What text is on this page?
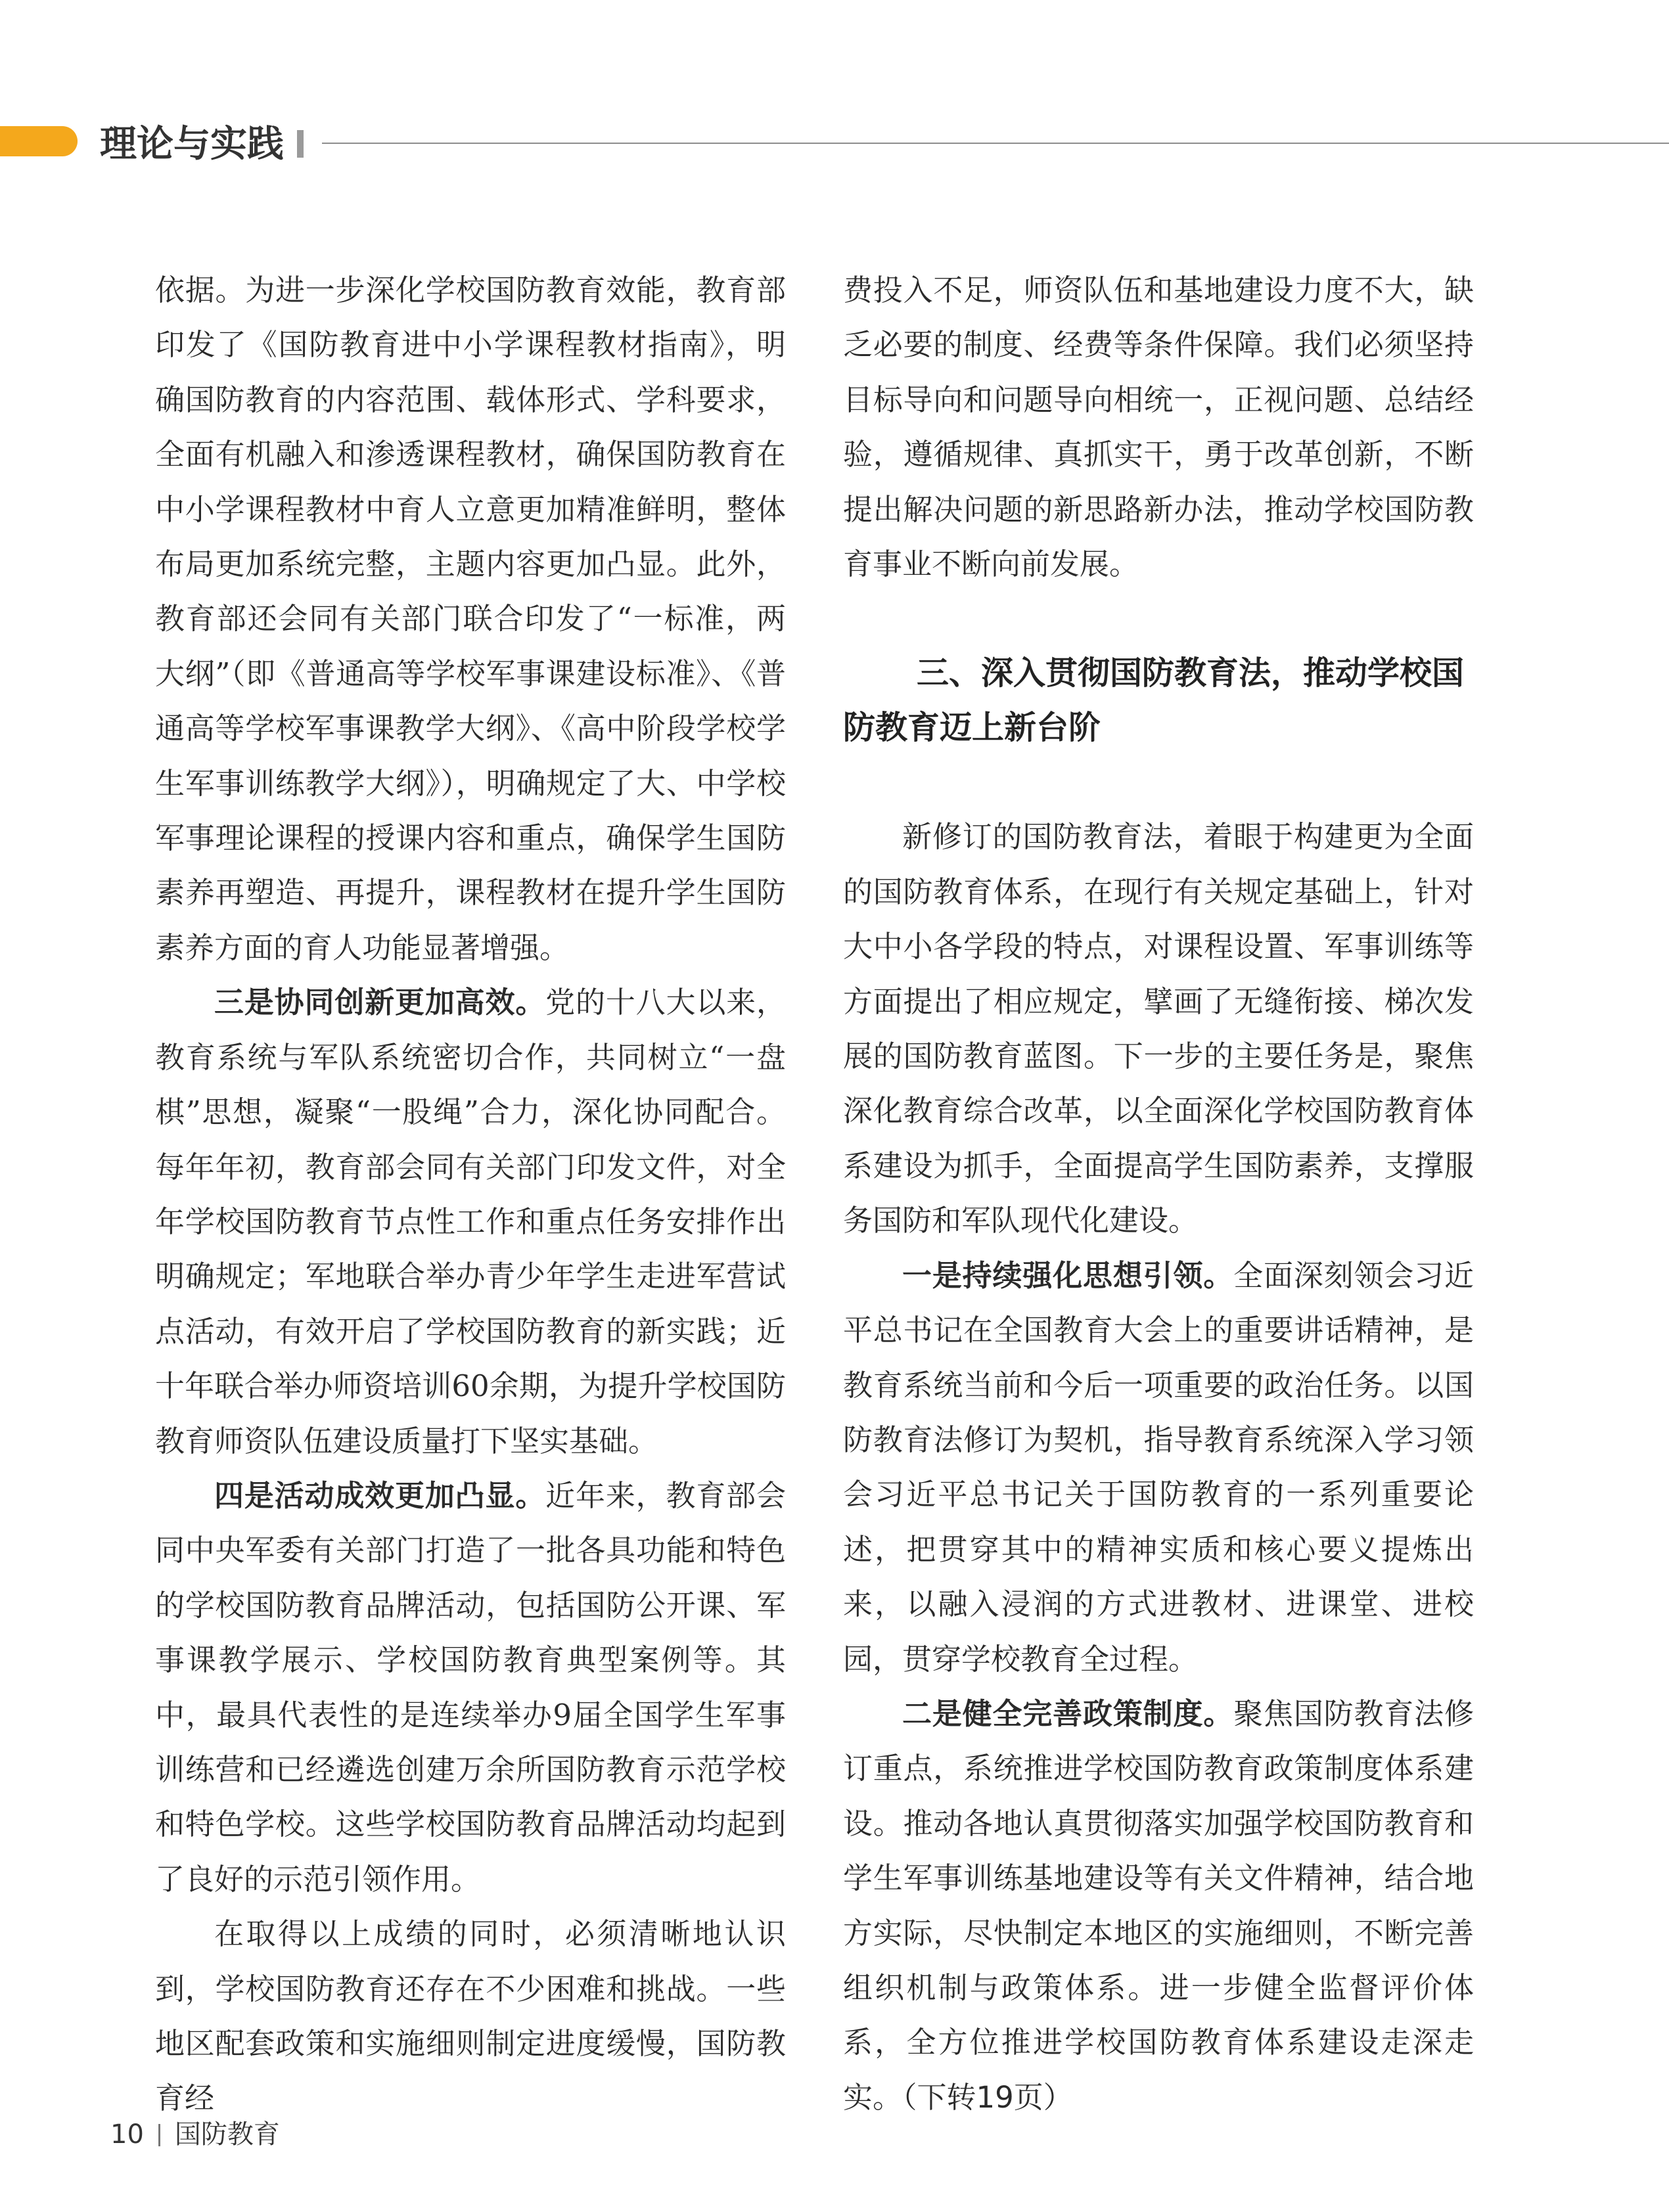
理论与实践

依据。为进一步深化学校国防教育效能，教育部印发了《国防教育进中小学课程教材指南》，明确国防教育的内容范围、载体形式、学科要求，全面有机融入和渗透课程教材，确保国防教育在中小学课程教材中育人立意更加精准鲜明，整体布局更加系统完整，主题内容更加凸显。此外，教育部还会同有关部门联合印发了“一标准，两大纲”（即《普通高等学校军事课建设标准》、《普通高等学校军事课教学大纲》、《高中阶段学校学生军事训练教学大纲》），明确规定了大、中学校军事理论课程的授课内容和重点，确保学生国防素养再塑造、再提升，课程教材在提升学生国防素养方面的育人功能显著增强。

三是协同创新更加高效。党的十八大以来，教育系统与军队系统密切合作，共同树立“一盘棋”思想，凝聚“一股绳”合力，深化协同配合。每年年初，教育部会同有关部门印发文件，对全年学校国防教育节点性工作和重点任务安排作出明确规定；军地联合举办青少年学生走进军营试点活动，有效开启了学校国防教育的新实践；近十年联合举办师资培训60余期，为提升学校国防教育师资队伍建设质量打下坚实基础。

四是活动成效更加凸显。近年来，教育部会同中央军委有关部门打造了一批各具功能和特色的学校国防教育品牌活动，包括国防公开课、军事课教学展示、学校国防教育典型案例等。其中，最具代表性的是连续举办9届全国学生军事训练营和已经遴选创建万余所国防教育示范学校和特色学校。这些学校国防教育品牌活动均起到了良好的示范引领作用。

在取得以上成绩的同时，必须清晰地认识到，学校国防教育还存在不少困难和挑战。一些地区配套政策和实施细则制定进度缓慢，国防教育经

费投入不足，师资队伍和基地建设力度不大，缺乏必要的制度、经费等条件保障。我们必须坚持目标导向和问题导向相统一，正视问题、总结经验，遵循规律、真抓实干，勇于改革创新，不断提出解决问题的新思路新办法，推动学校国防教育事业不断向前发展。

三、深入贯彻国防教育法，推动学校国
防教育迈上新台阶

新修订的国防教育法，着眼于构建更为全面的国防教育体系，在现行有关规定基础上，针对大中小各学段的特点，对课程设置、军事训练等方面提出了相应规定，擘画了无缝衔接、梯次发展的国防教育蓝图。下一步的主要任务是，聚焦深化教育综合改革，以全面深化学校国防教育体系建设为抓手，全面提高学生国防素养，支撑服务国防和军队现代化建设。

一是持续强化思想引领。全面深刻领会习近平总书记在全国教育大会上的重要讲话精神，是教育系统当前和今后一项重要的政治任务。以国防教育法修订为契机，指导教育系统深入学习领会习近平总书记关于国防教育的一系列重要论述，把贯穿其中的精神实质和核心要义提炼出来，以融入浸润的方式进教材、进课堂、进校园，贯穿学校教育全过程。

二是健全完善政策制度。聚焦国防教育法修订重点，系统推进学校国防教育政策制度体系建设。推动各地认真贯彻落实加强学校国防教育和学生军事训练基地建设等有关文件精神，结合地方实际，尽快制定本地区的实施细则，不断完善组织机制与政策体系。进一步健全监督评价体系，全方位推进学校国防教育体系建设走深走实。（下转19页）

10 国防教育
